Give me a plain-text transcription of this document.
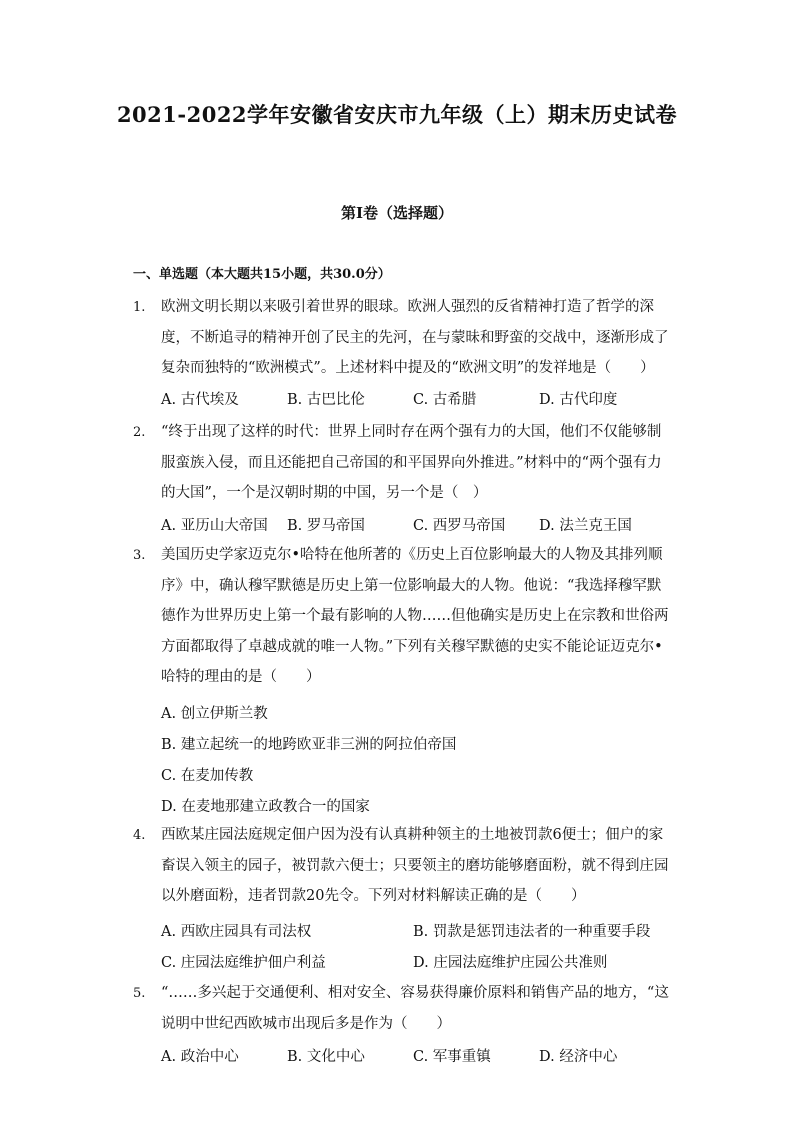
2021-2022学年安徽省安庆市九年级（上）期末历史试卷
第I卷（选择题）
一、单选题（本大题共15小题，共30.0分）
1.	欧洲文明长期以来吸引着世界的眼球。欧洲人强烈的反省精神打造了哲学的深度，不断追寻的精神开创了民主的先河，在与蒙昧和野蛮的交战中，逐渐形成了复杂而独特的“欧洲模式”。上述材料中提及的“欧洲文明”的发祥地是（　　）
A. 古代埃及	B. 古巴比伦	C. 古希腊	D. 古代印度
2.	“终于出现了这样的时代：世界上同时存在两个强有力的大国，他们不仅能够制服蛮族入侵，而且还能把自己帝国的和平国界向外推进。”材料中的“两个强有力的大国”，一个是汉朝时期的中国，另一个是（　）
A. 亚历山大帝国 B. 罗马帝国	C. 西罗马帝国 D. 法兰克王国
3.	美国历史学家迈克尔•哈特在他所著的《历史上百位影响最大的人物及其排列顺序》中，确认穆罕默德是历史上第一位影响最大的人物。他说：“我选择穆罕默德作为世界历史上第一个最有影响的人物……但他确实是历史上在宗教和世俗两方面都取得了卓越成就的唯一人物。”下列有关穆罕默德的史实不能论证迈克尔•哈特的理由的是（　　）
A. 创立伊斯兰教
B. 建立起统一的地跨欧亚非三洲的阿拉伯帝国
C. 在麦加传教
D. 在麦地那建立政教合一的国家
4.	西欧某庄园法庭规定佃户因为没有认真耕种领主的土地被罚款6便士；佃户的家畜误入领主的园子，被罚款六便士；只要领主的磨坊能够磨面粉，就不得到庄园以外磨面粉，违者罚款20先令。下列对材料解读正确的是（　　）
A. 西欧庄园具有司法权	B. 罚款是惩罚违法者的一种重要手段
C. 庄园法庭维护佃户利益	D. 庄园法庭维护庄园公共准则
5.	“……多兴起于交通便利、相对安全、容易获得廉价原料和销售产品的地方，“这说明中世纪西欧城市出现后多是作为（　　）
A. 政治中心	B. 文化中心	C. 军事重镇	D. 经济中心
